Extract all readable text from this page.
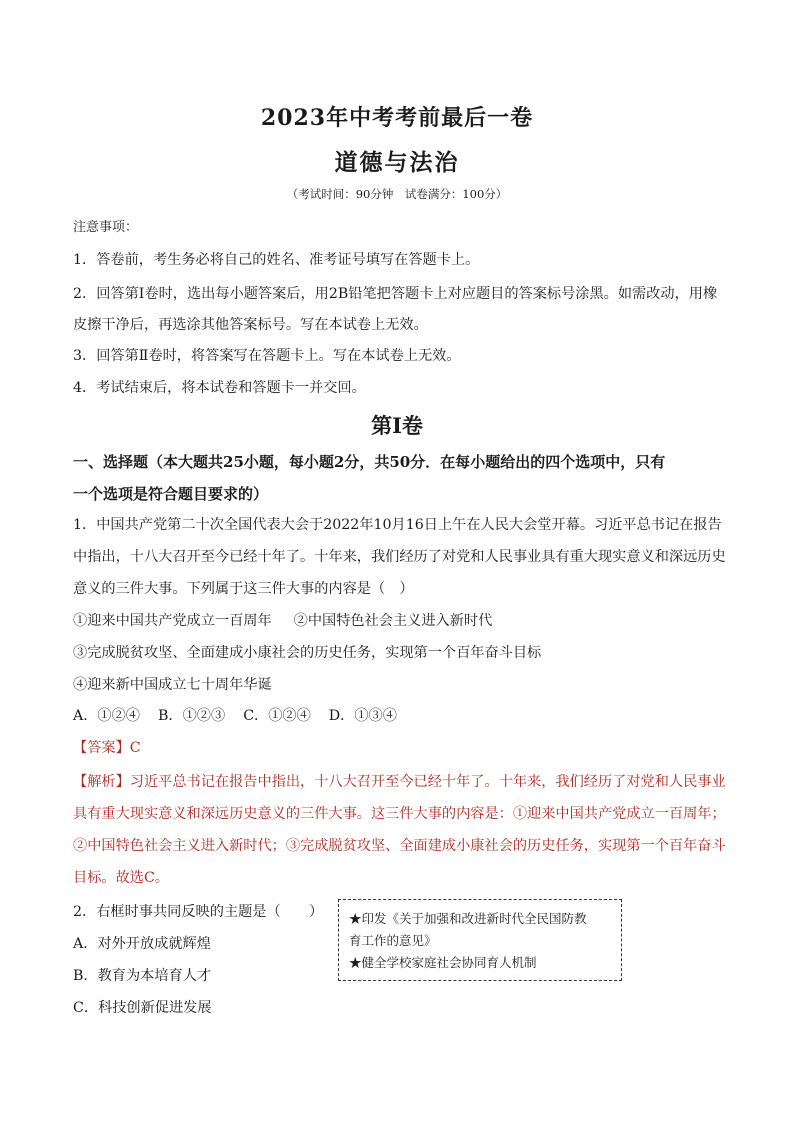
2023年中考考前最后一卷
道德与法治
（考试时间：90分钟　试卷满分：100分）
注意事项：
1．答卷前，考生务必将自己的姓名、准考证号填写在答题卡上。
2．回答第Ⅰ卷时，选出每小题答案后，用2B铅笔把答题卡上对应题目的答案标号涂黑。如需改动，用橡
皮擦干净后，再选涂其他答案标号。写在本试卷上无效。
3．回答第Ⅱ卷时，将答案写在答题卡上。写在本试卷上无效。
4．考试结束后，将本试卷和答题卡一并交回。
第Ⅰ卷
一、选择题（本大题共25小题，每小题2分，共50分．在每小题给出的四个选项中，只有
一个选项是符合题目要求的）
1．中国共产党第二十次全国代表大会于2022年10月16日上午在人民大会堂开幕。习近平总书记在报告
中指出，十八大召开至今已经十年了。十年来，我们经历了对党和人民事业具有重大现实意义和深远历史
意义的三件大事。下列属于这三件大事的内容是（　）
①迎来中国共产党成立一百周年 ②中国特色社会主义进入新时代
③完成脱贫攻坚、全面建成小康社会的历史任务，实现第一个百年奋斗目标
④迎来新中国成立七十周年华诞
A．①②④ B．①②③ C．①②④ D．①③④
【答案】C
【解析】习近平总书记在报告中指出，十八大召开至今已经十年了。十年来，我们经历了对党和人民事业
具有重大现实意义和深远历史意义的三件大事。这三件大事的内容是：①迎来中国共产党成立一百周年；
②中国特色社会主义进入新时代；③完成脱贫攻坚、全面建成小康社会的历史任务，实现第一个百年奋斗
目标。故选C。
2．右框时事共同反映的主题是（　　）
A．对外开放成就辉煌
B．教育为本培育人才
C．科技创新促进发展
★印发《关于加强和改进新时代全民国防教
育工作的意见》
★健全学校家庭社会协同育人机制
